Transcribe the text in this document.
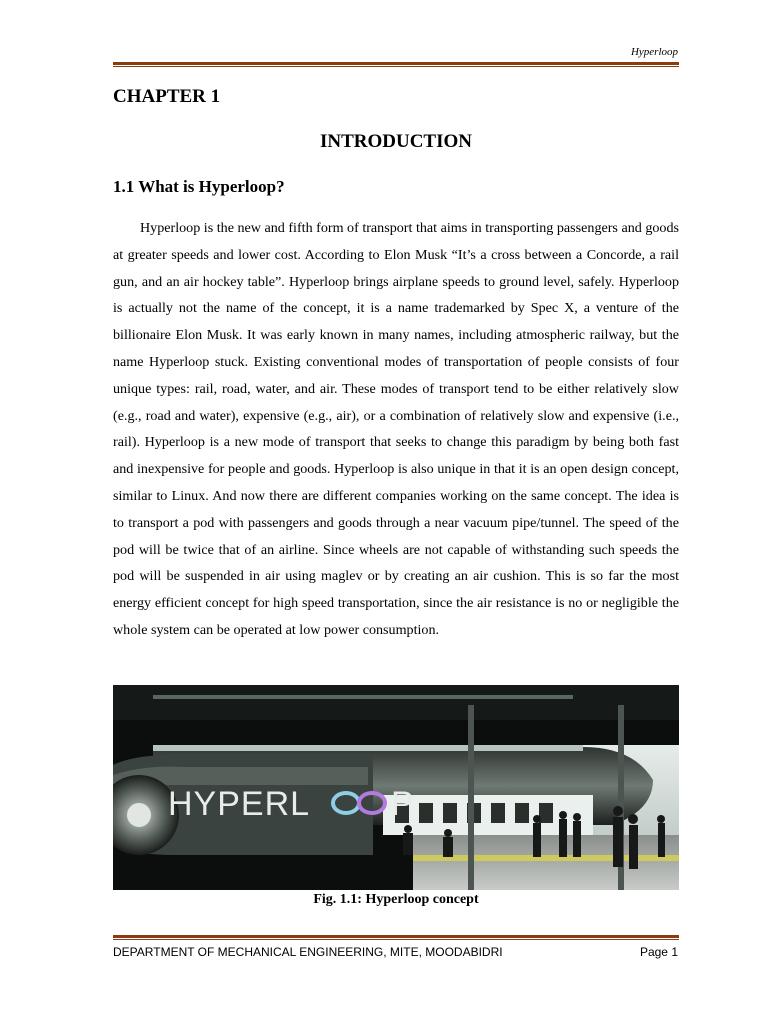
Hyperloop
CHAPTER 1
INTRODUCTION
1.1 What is Hyperloop?

Hyperloop is the new and fifth form of transport that aims in transporting passengers and goods at greater speeds and lower cost. According to Elon Musk “It’s a cross between a Concorde, a rail gun, and an air hockey table”. Hyperloop brings airplane speeds to ground level, safely. Hyperloop is actually not the name of the concept, it is a name trademarked by Spec X, a venture of the billionaire Elon Musk. It was early known in many names, including atmospheric railway, but the name Hyperloop stuck. Existing conventional modes of transportation of people consists of four unique types: rail, road, water, and air. These modes of transport tend to be either relatively slow (e.g., road and water), expensive (e.g., air), or a combination of relatively slow and expensive (i.e., rail). Hyperloop is a new mode of transport that seeks to change this paradigm by being both fast and inexpensive for people and goods. Hyperloop is also unique in that it is an open design concept, similar to Linux. And now there are different companies working on the same concept. The idea is to transport a pod with passengers and goods through a near vacuum pipe/tunnel. The speed of the pod will be twice that of an airline. Since wheels are not capable of withstanding such speeds the pod will be suspended in air using maglev or by creating an air cushion. This is so far the most energy efficient concept for high speed transportation, since the air resistance is no or negligible the whole system can be operated at low power consumption.

HYPERL P
Fig. 1.1: Hyperloop concept
DEPARTMENT OF MECHANICAL ENGINEERING, MITE, MOODABIDRI	Page 1
